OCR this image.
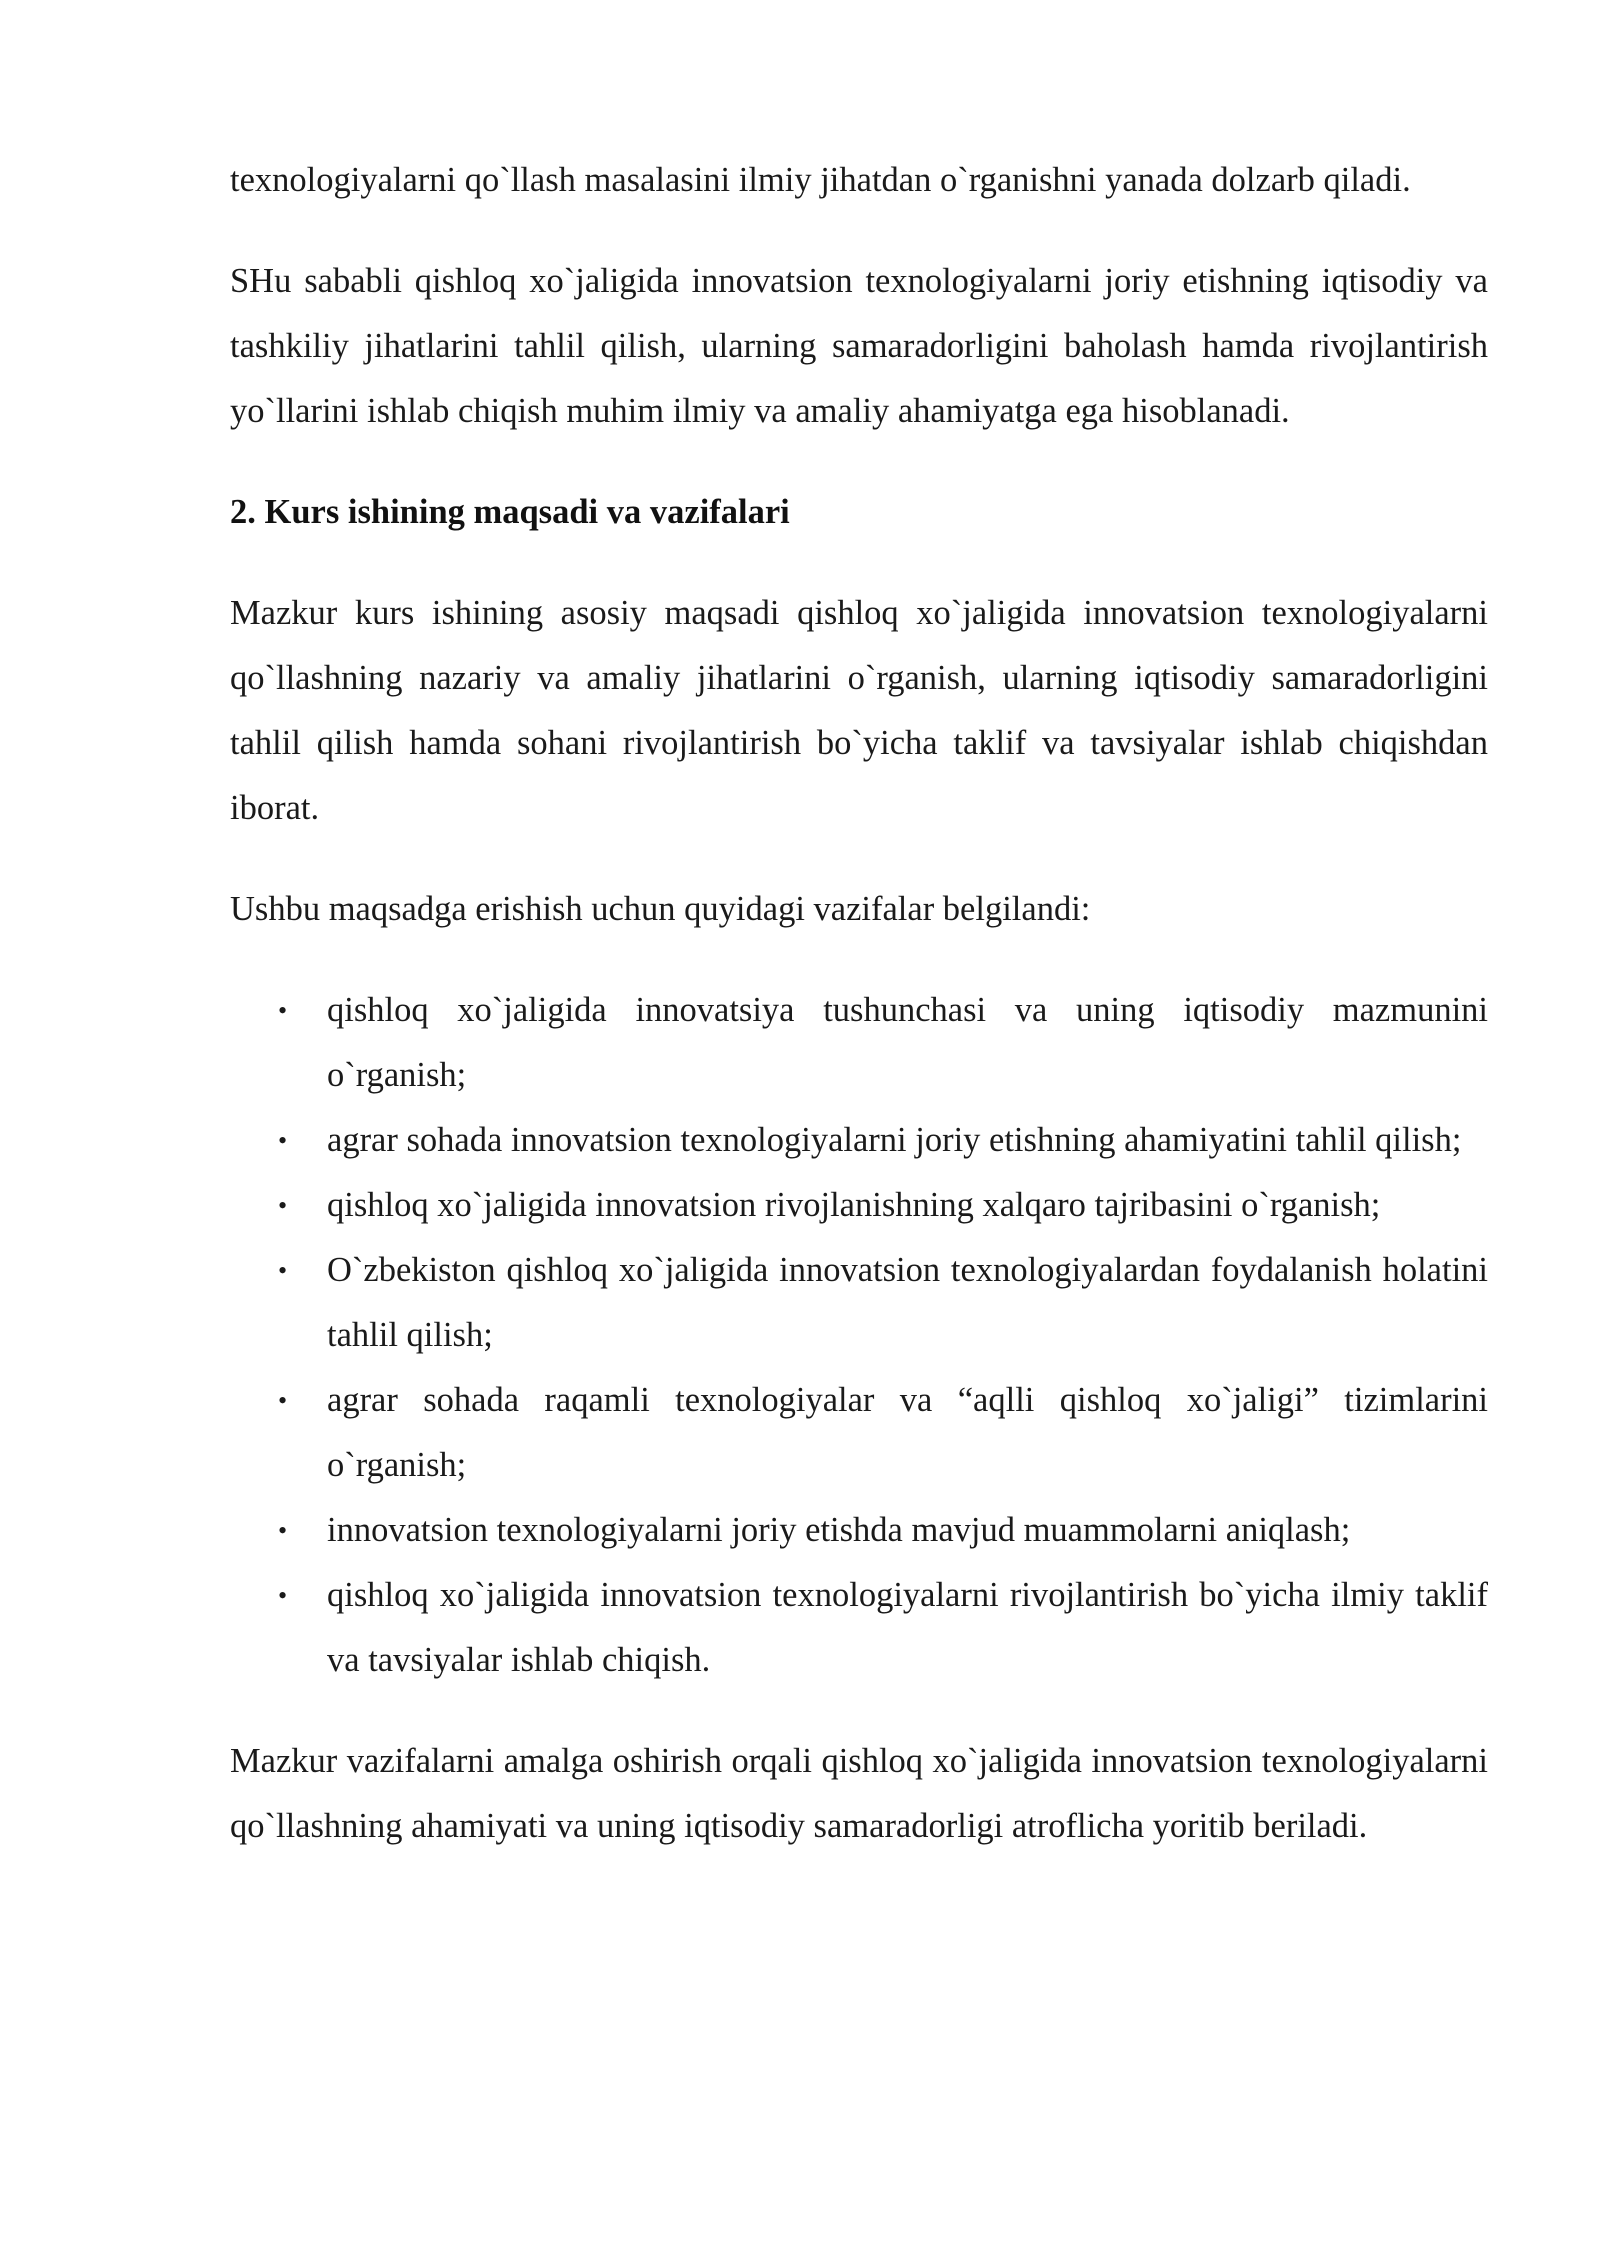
texnologiyalarni qo`llash masalasini ilmiy jihatdan o`rganishni yanada dolzarb qiladi.

SHu sababli qishloq xo`jaligida innovatsion texnologiyalarni joriy etishning iqtisodiy va tashkiliy jihatlarini tahlil qilish, ularning samaradorligini baholash hamda rivojlantirish yo`llarini ishlab chiqish muhim ilmiy va amaliy ahamiyatga ega hisoblanadi.

2. Kurs ishining maqsadi va vazifalari

Mazkur kurs ishining asosiy maqsadi qishloq xo`jaligida innovatsion texnologiyalarni qo`llashning nazariy va amaliy jihatlarini o`rganish, ularning iqtisodiy samaradorligini tahlil qilish hamda sohani rivojlantirish bo`yicha taklif va tavsiyalar ishlab chiqishdan iborat.

Ushbu maqsadga erishish uchun quyidagi vazifalar belgilandi:

• qishloq xo`jaligida innovatsiya tushunchasi va uning iqtisodiy mazmunini o`rganish;
• agrar sohada innovatsion texnologiyalarni joriy etishning ahamiyatini tahlil qilish;
• qishloq xo`jaligida innovatsion rivojlanishning xalqaro tajribasini o`rganish;
• O`zbekiston qishloq xo`jaligida innovatsion texnologiyalardan foydalanish holatini tahlil qilish;
• agrar sohada raqamli texnologiyalar va “aqlli qishloq xo`jaligi” tizimlarini o`rganish;
• innovatsion texnologiyalarni joriy etishda mavjud muammolarni aniqlash;
• qishloq xo`jaligida innovatsion texnologiyalarni rivojlantirish bo`yicha ilmiy taklif va tavsiyalar ishlab chiqish.

Mazkur vazifalarni amalga oshirish orqali qishloq xo`jaligida innovatsion texnologiyalarni qo`llashning ahamiyati va uning iqtisodiy samaradorligi atroflicha yoritib beriladi.
